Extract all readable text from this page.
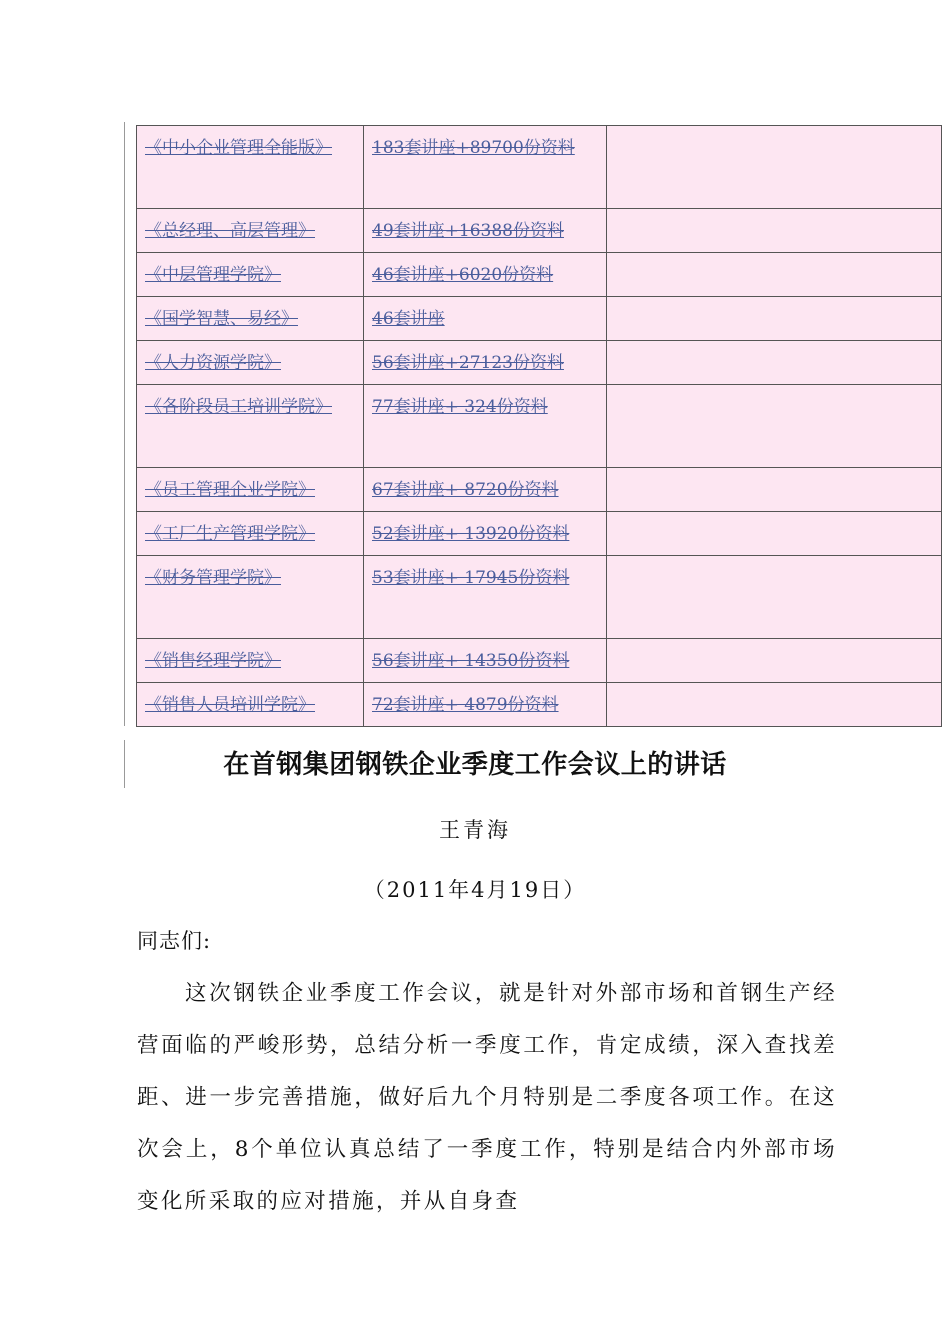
《中小企业管理全能版》	183套讲座+89700份资料	
《总经理、高层管理》	49套讲座+16388份资料	
《中层管理学院》	46套讲座+6020份资料	
《国学智慧、易经》	46套讲座	
《人力资源学院》	56套讲座+27123份资料	
《各阶段员工培训学院》	77套讲座+ 324份资料	
《员工管理企业学院》	67套讲座+ 8720份资料	
《工厂生产管理学院》	52套讲座+ 13920份资料	
《财务管理学院》	53套讲座+ 17945份资料	
《销售经理学院》	56套讲座+ 14350份资料	
《销售人员培训学院》	72套讲座+ 4879份资料	
在首钢集团钢铁企业季度工作会议上的讲话
王青海
（2011年4月19日）
同志们:

这次钢铁企业季度工作会议，就是针对外部市场和首钢生产经营面临的严峻形势，总结分析一季度工作，肯定成绩，深入查找差距、进一步完善措施，做好后九个月特别是二季度各项工作。在这次会上，8个单位认真总结了一季度工作，特别是结合内外部市场变化所采取的应对措施，并从自身查
